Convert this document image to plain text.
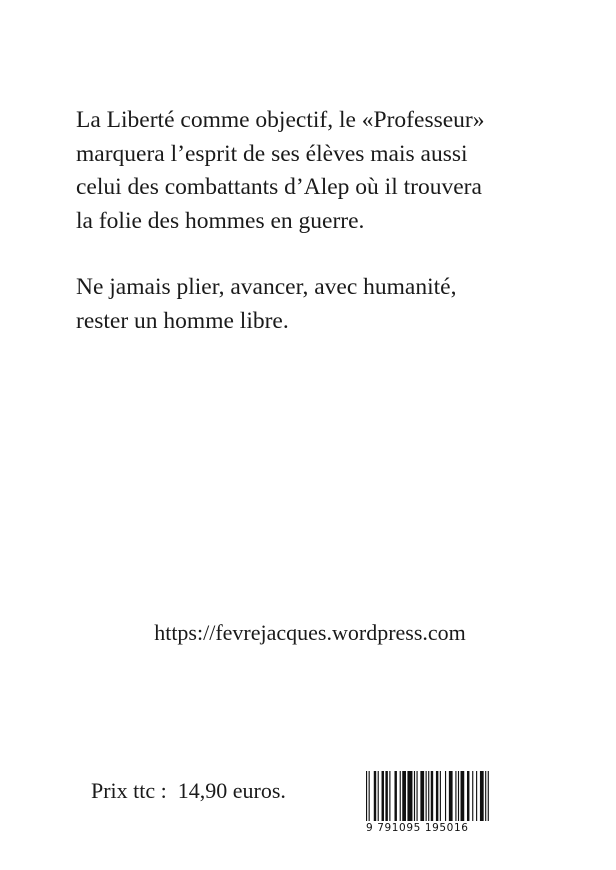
La Liberté comme objectif, le «Professeur»
marquera l’esprit de ses élèves mais aussi
celui des combattants d’Alep où il trouvera
la folie des hommes en guerre.

Ne jamais plier, avancer, avec humanité,
rester un homme libre.

https://fevrejacques.wordpress.com
Prix ttc : 14,90 euros.
9 791095 195016
